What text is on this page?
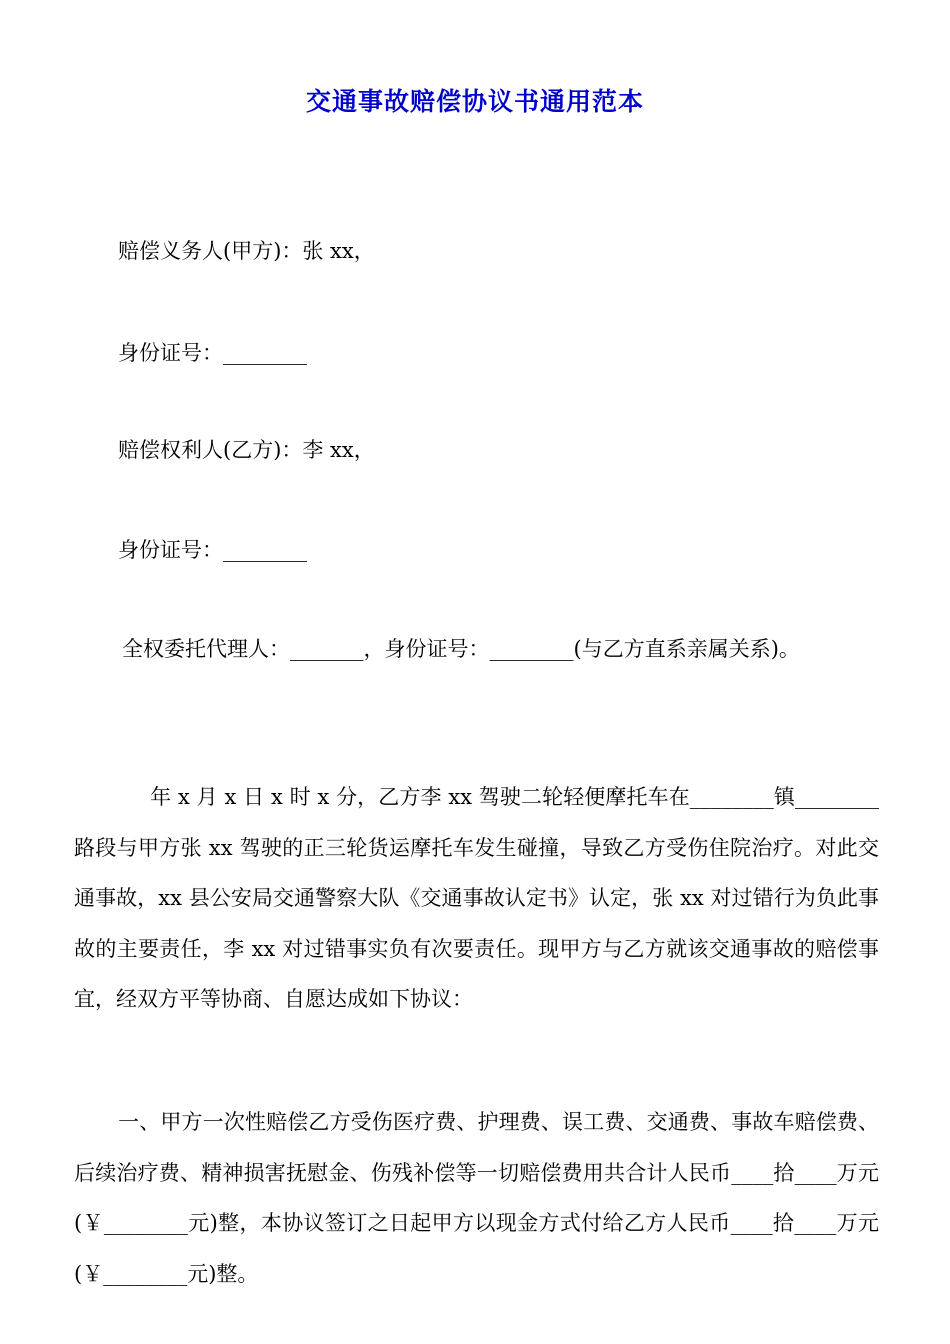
交通事故赔偿协议书通用范本
赔偿义务人(甲方)：张 xx，
身份证号：________
赔偿权利人(乙方)：李 xx，
身份证号：________
全权委托代理人：_______，身份证号：________(与乙方直系亲属关系)。
年 x 月 x 日 x 时 x 分，乙方李 xx 驾驶二轮轻便摩托车在________镇________路段与甲方张 xx 驾驶的正三轮货运摩托车发生碰撞，导致乙方受伤住院治疗。对此交通事故，xx 县公安局交通警察大队《交通事故认定书》认定，张 xx 对过错行为负此事故的主要责任，李 xx 对过错事实负有次要责任。现甲方与乙方就该交通事故的赔偿事宜，经双方平等协商、自愿达成如下协议：
一、甲方一次性赔偿乙方受伤医疗费、护理费、误工费、交通费、事故车赔偿费、后续治疗费、精神损害抚慰金、伤残补偿等一切赔偿费用共合计人民币____拾____万元(￥________元)整，本协议签订之日起甲方以现金方式付给乙方人民币____拾____万元(￥________元)整。
